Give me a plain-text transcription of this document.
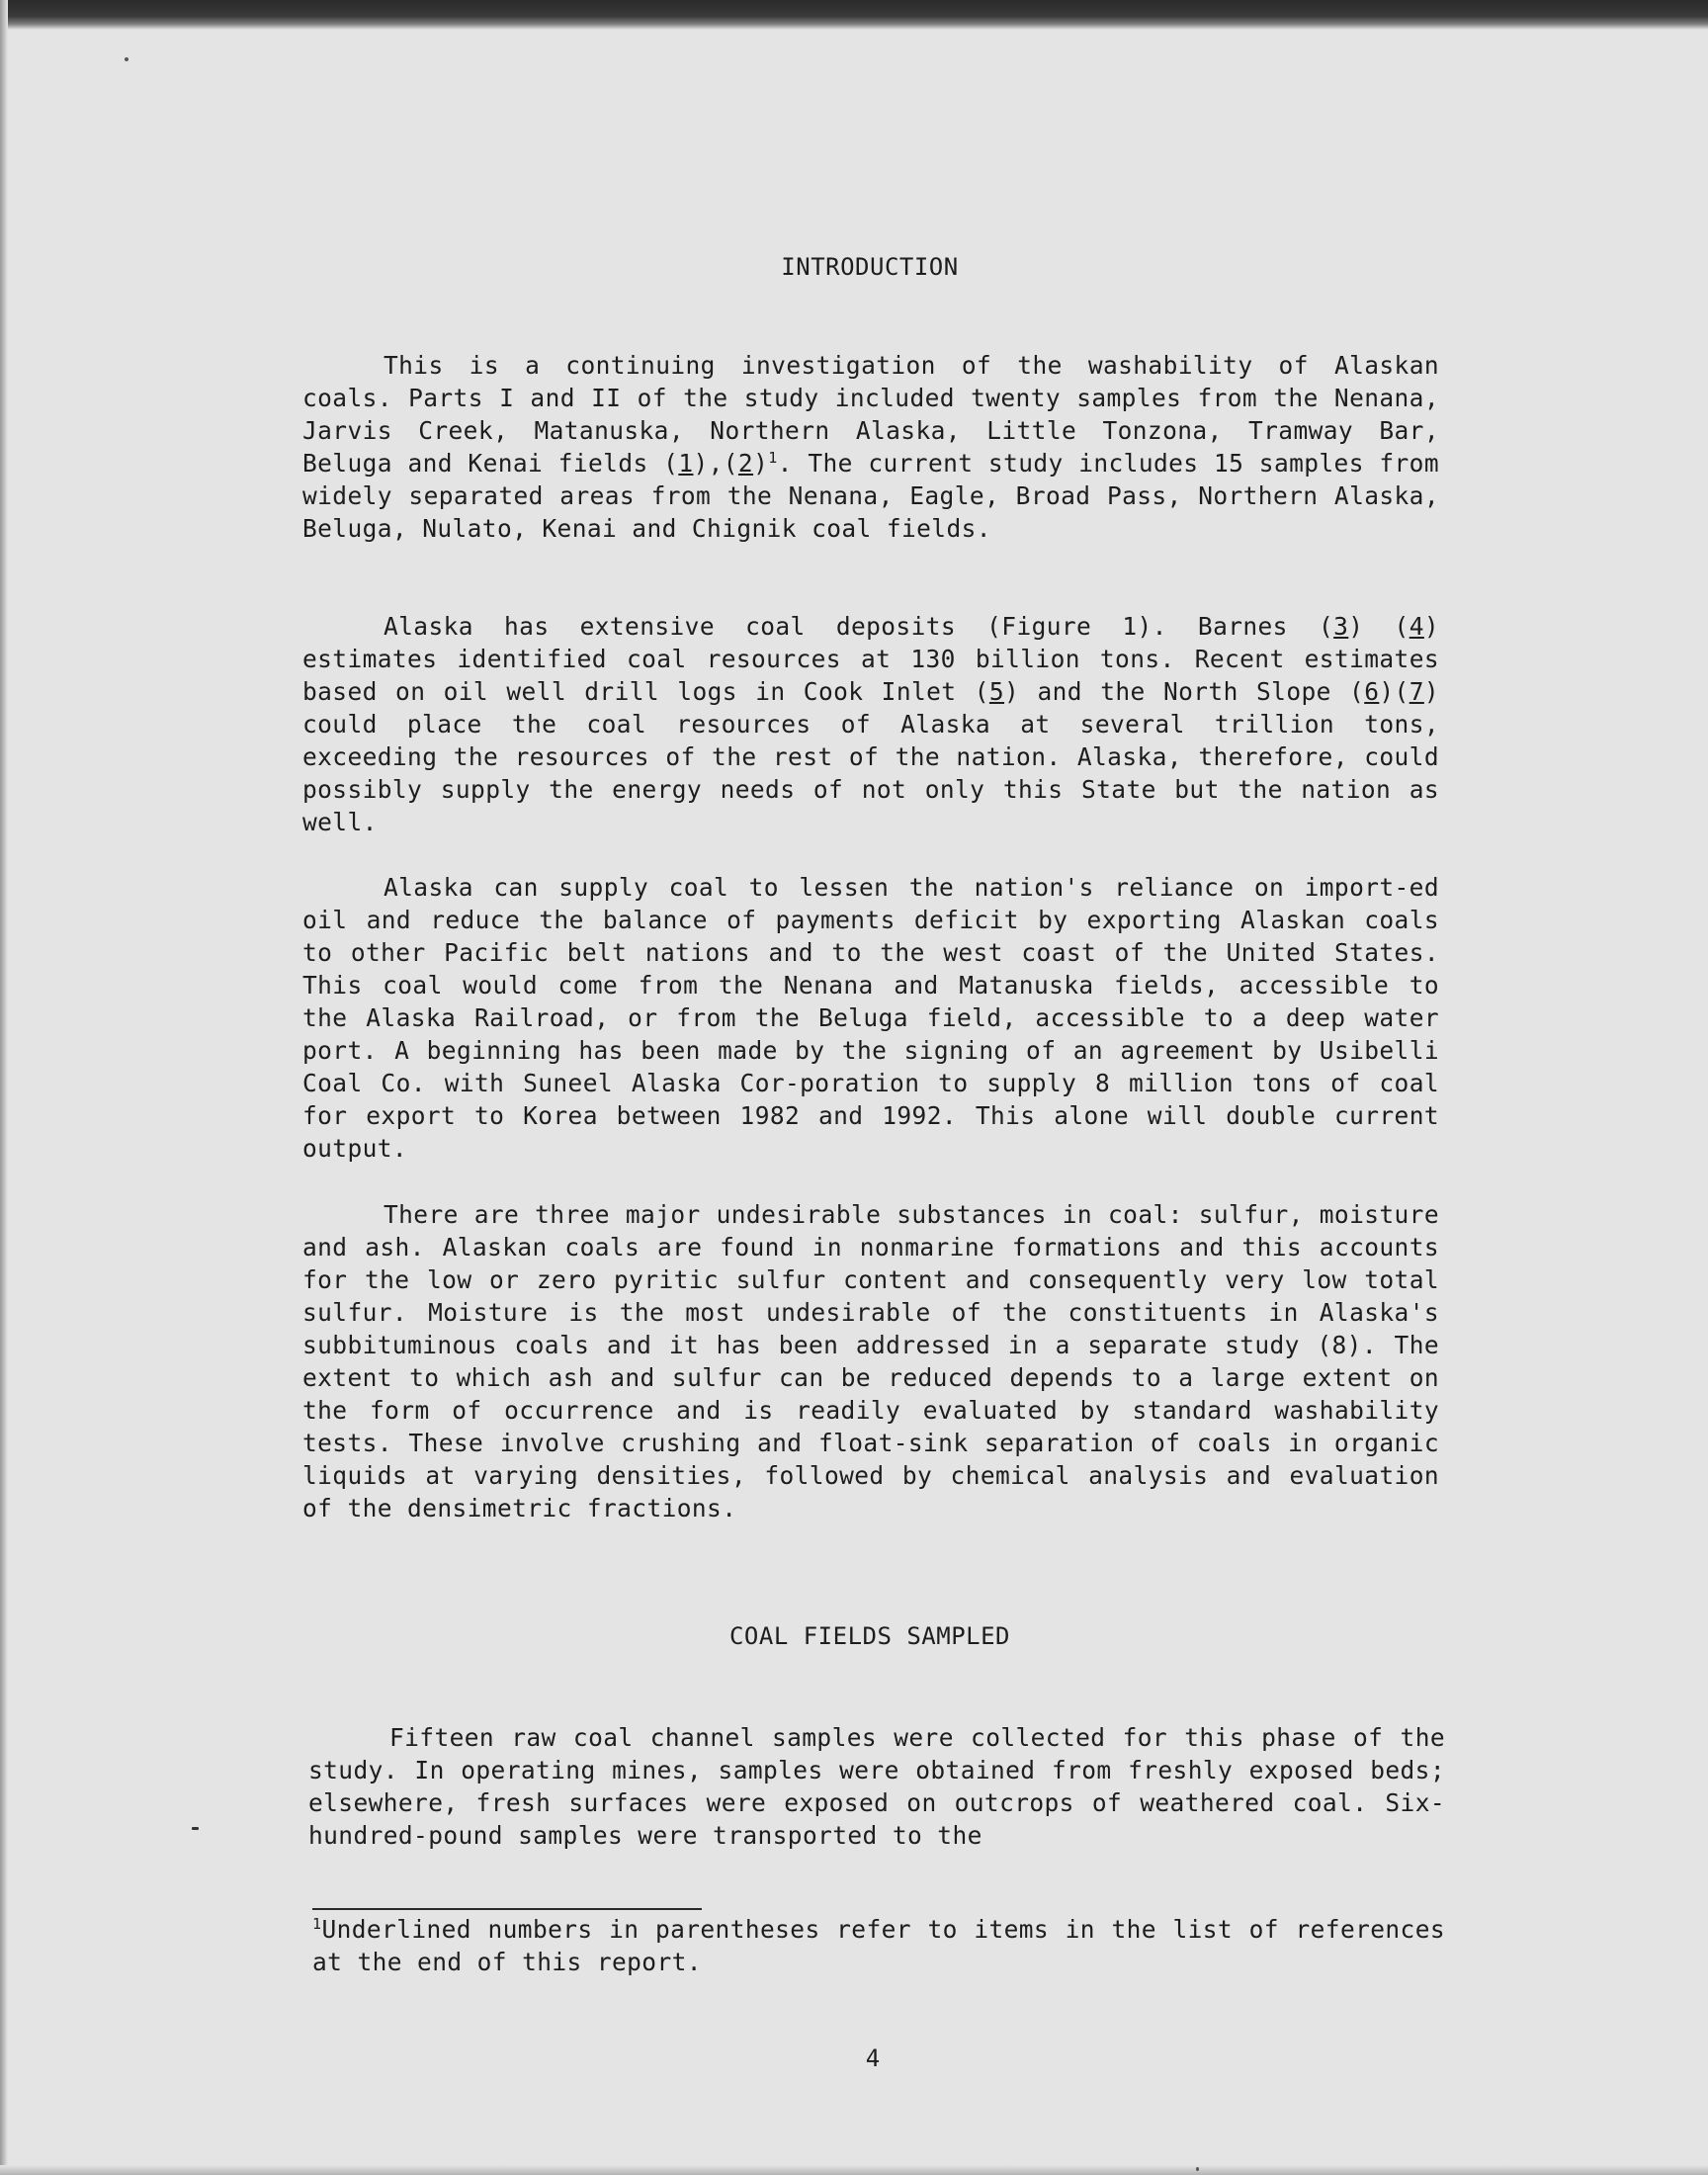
INTRODUCTION

This is a continuing investigation of the washability of Alaskan coals. Parts I and II of the study included twenty samples from the Nenana, Jarvis Creek, Matanuska, Northern Alaska, Little Tonzona, Tramway Bar, Beluga and Kenai fields $(1),(2)^1$. The current study includes 15 samples from widely separated areas from the Nenana, Eagle, Broad Pass, Northern Alaska, Beluga, Nulato, Kenai and Chignik coal fields.

Alaska has extensive coal deposits (Figure 1). Barnes (3) (4) estimates identified coal resources at 130 billion tons. Recent estimates based on oil well drill logs in Cook Inlet (5) and the North Slope (6)(7) could place the coal resources of Alaska at several trillion tons, exceeding the resources of the rest of the nation. Alaska, therefore, could possibly supply the energy needs of not only this State but the nation as well.

Alaska can supply coal to lessen the nation's reliance on import-ed oil and reduce the balance of payments deficit by exporting Alaskan coals to other Pacific belt nations and to the west coast of the United States. This coal would come from the Nenana and Matanuska fields, accessible to the Alaska Railroad, or from the Beluga field, accessible to a deep water port. A beginning has been made by the signing of an agreement by Usibelli Coal Co. with Suneel Alaska Cor-poration to supply 8 million tons of coal for export to Korea between 1982 and 1992. This alone will double current output.

There are three major undesirable substances in coal: sulfur, moisture and ash. Alaskan coals are found in nonmarine formations and this accounts for the low or zero pyritic sulfur content and consequently very low total sulfur. Moisture is the most undesirable of the constituents in Alaska's subbituminous coals and it has been addressed in a separate study (8). The extent to which ash and sulfur can be reduced depends to a large extent on the form of occurrence and is readily evaluated by standard washability tests. These involve crushing and float-sink separation of coals in organic liquids at varying densities, followed by chemical analysis and evaluation of the densimetric fractions.

COAL FIELDS SAMPLED

Fifteen raw coal channel samples were collected for this phase of the study. In operating mines, samples were obtained from freshly exposed beds; elsewhere, fresh surfaces were exposed on outcrops of weathered coal. Six-hundred-pound samples were transported to the

$^1$Underlined numbers in parentheses refer to items in the list of references at the end of this report.

4
